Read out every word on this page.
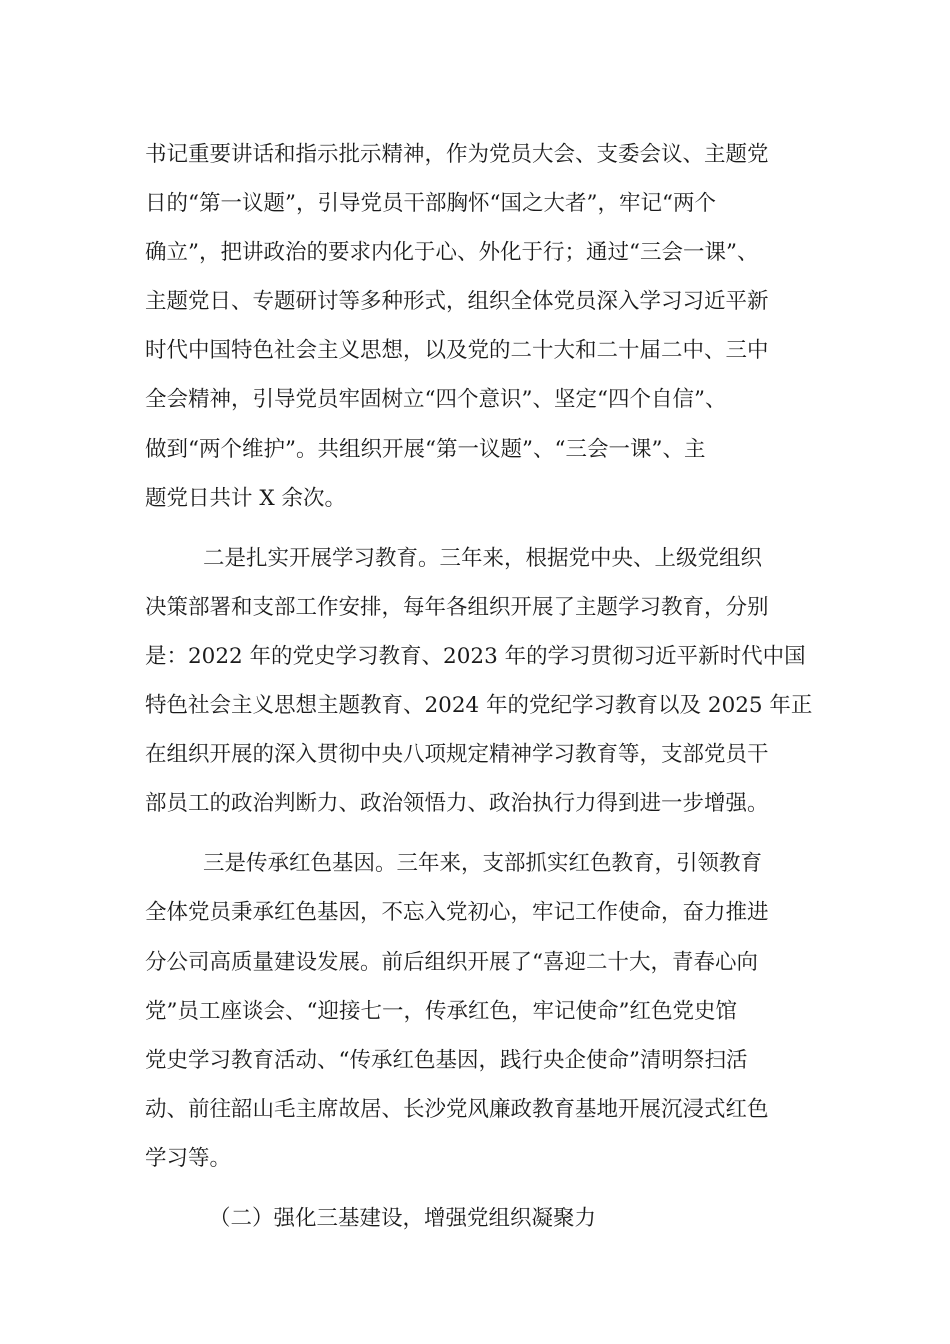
书记重要讲话和指示批示精神，作为党员大会、支委会议、主题党
日的“第一议题”，引导党员干部胸怀“国之大者”，牢记“两个
确立”，把讲政治的要求内化于心、外化于行；通过“三会一课”、
主题党日、专题研讨等多种形式，组织全体党员深入学习习近平新
时代中国特色社会主义思想，以及党的二十大和二十届二中、三中
全会精神，引导党员牢固树立“四个意识”、坚定“四个自信”、
做到“两个维护”。共组织开展“第一议题”、“三会一课”、主
题党日共计 X 余次。
二是扎实开展学习教育。三年来，根据党中央、上级党组织
决策部署和支部工作安排，每年各组织开展了主题学习教育，分别
是：2022 年的党史学习教育、2023 年的学习贯彻习近平新时代中国
特色社会主义思想主题教育、2024 年的党纪学习教育以及 2025 年正
在组织开展的深入贯彻中央八项规定精神学习教育等，支部党员干
部员工的政治判断力、政治领悟力、政治执行力得到进一步增强。
三是传承红色基因。三年来，支部抓实红色教育，引领教育
全体党员秉承红色基因，不忘入党初心，牢记工作使命，奋力推进
分公司高质量建设发展。前后组织开展了“喜迎二十大，青春心向
党”员工座谈会、“迎接七一，传承红色，牢记使命”红色党史馆
党史学习教育活动、“传承红色基因，践行央企使命”清明祭扫活
动、前往韶山毛主席故居、长沙党风廉政教育基地开展沉浸式红色
学习等。
（二）强化三基建设，增强党组织凝聚力
